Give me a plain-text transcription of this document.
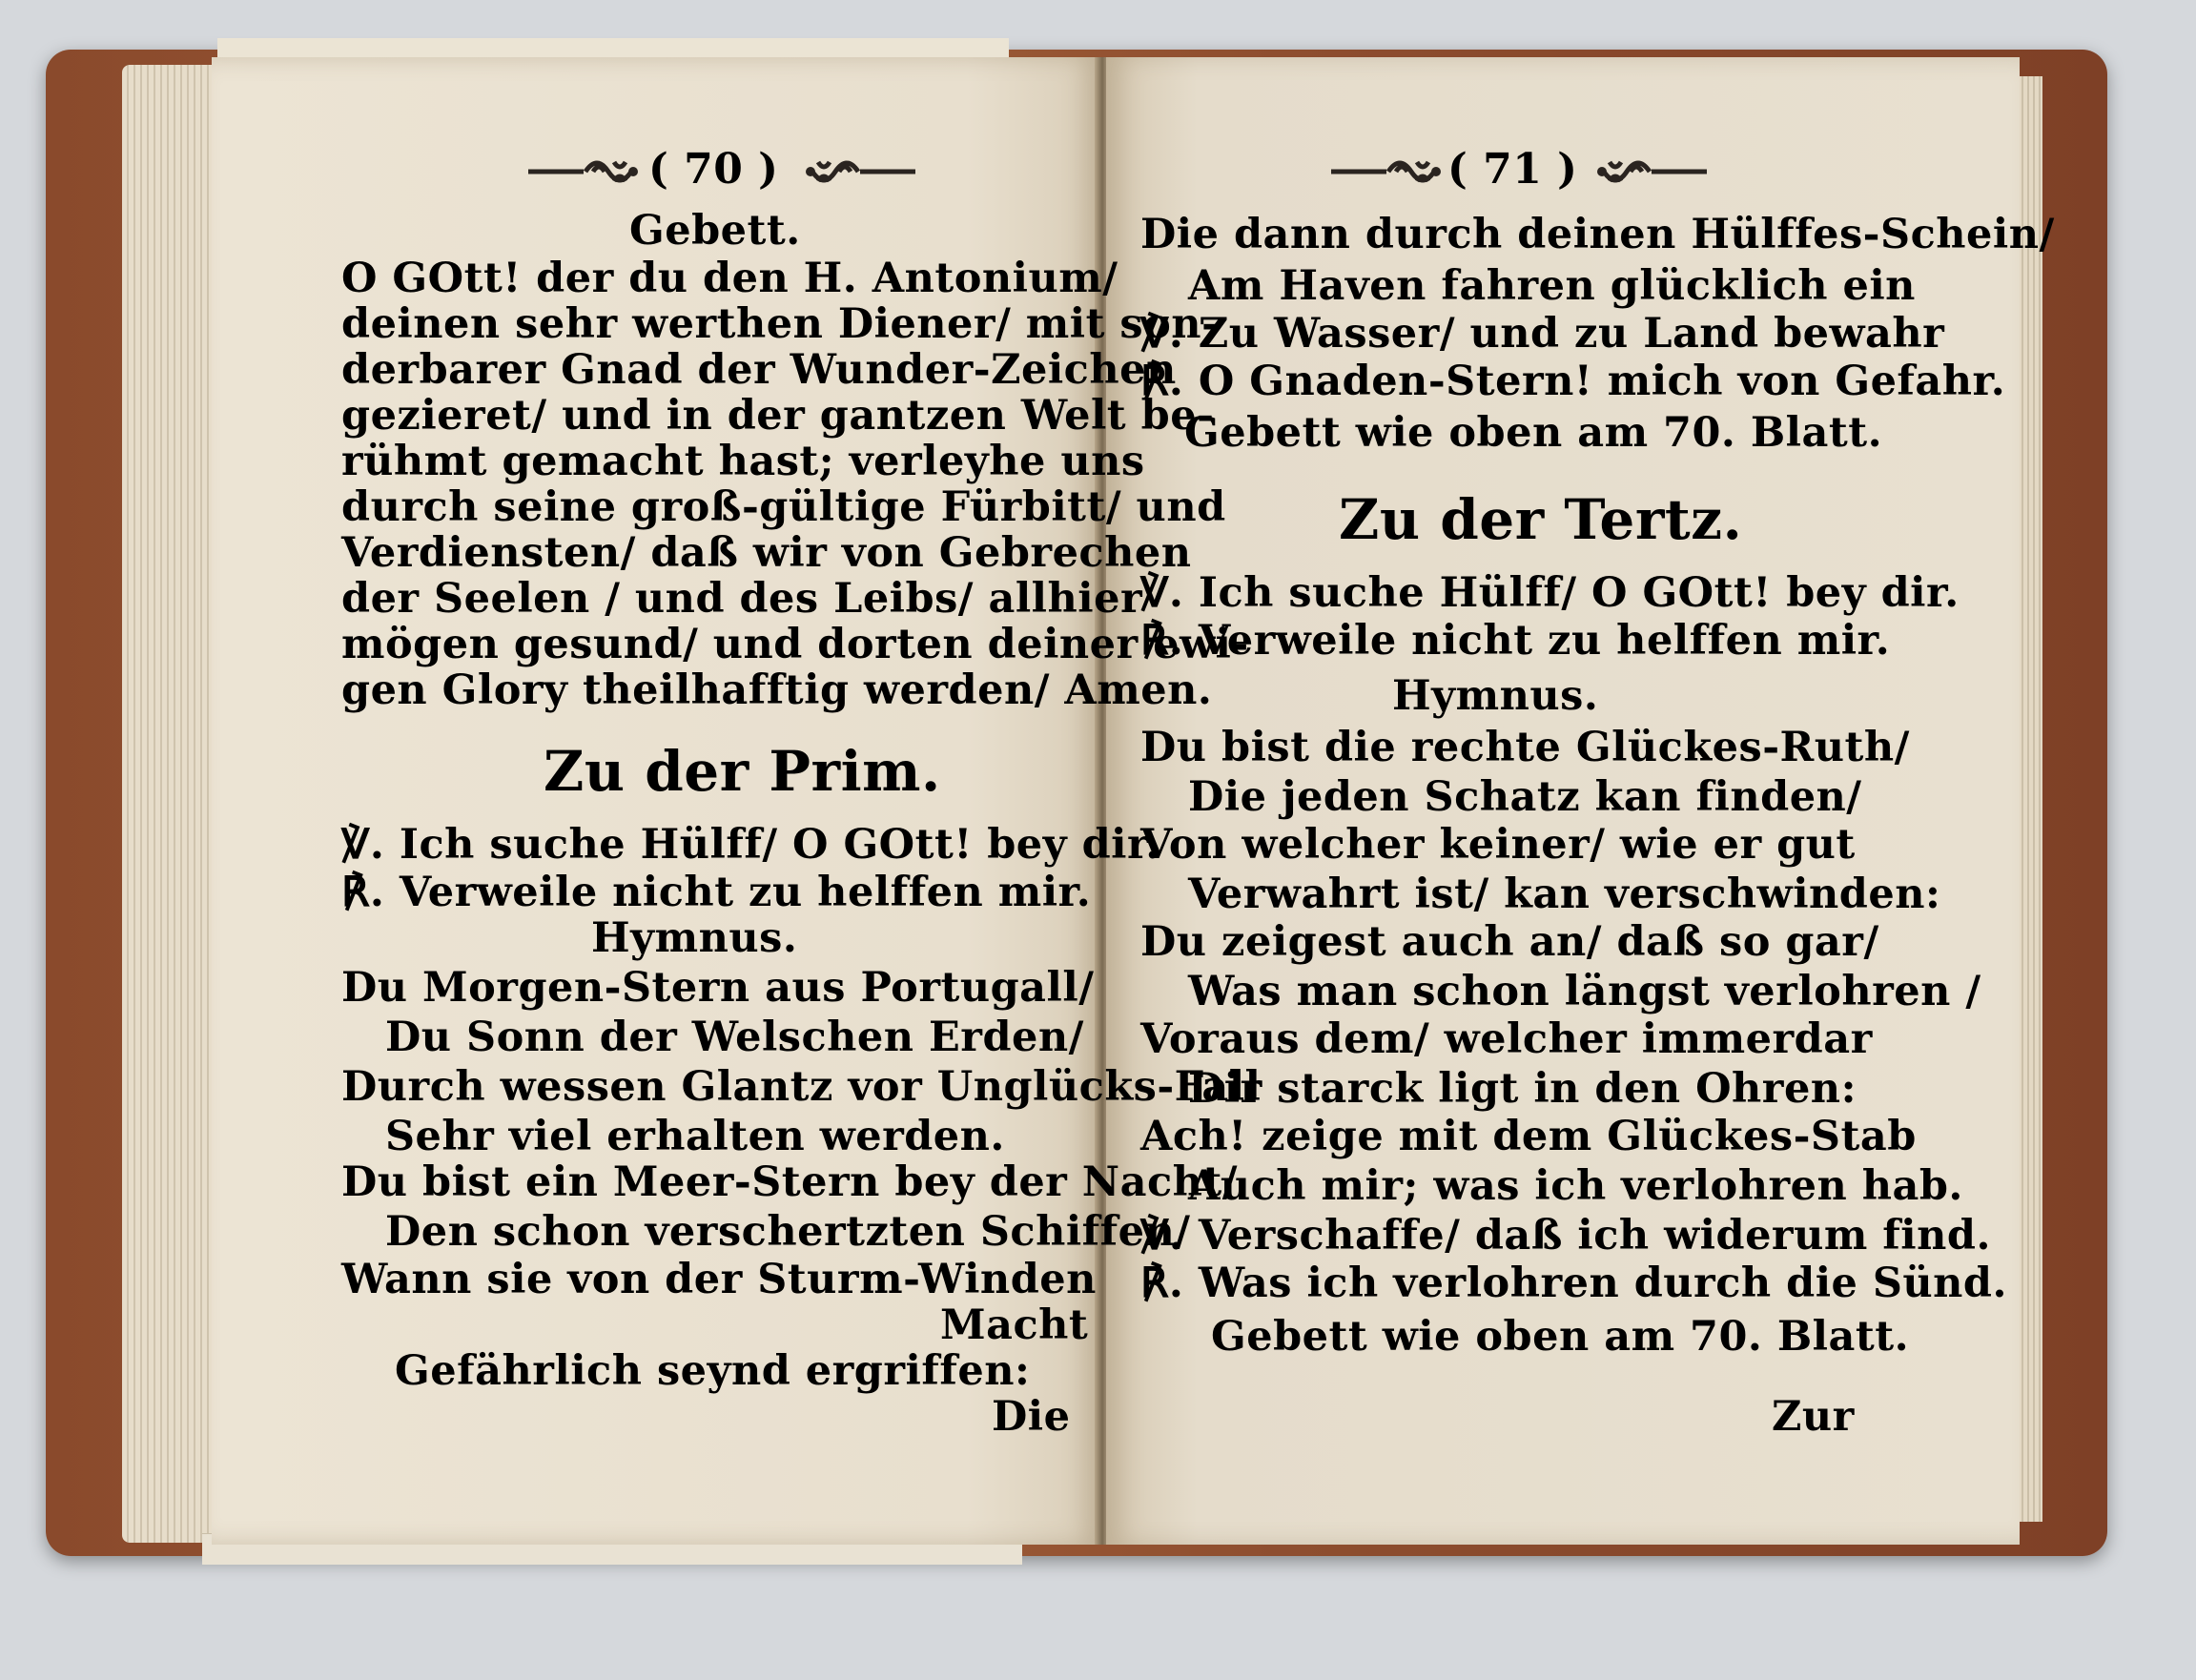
( 70 )
Gebett.
O GOtt! der du den H. Antonium/
deinen sehr werthen Diener/ mit son-
derbarer Gnad der Wunder-Zeichen
gezieret/ und in der gantzen Welt be-
rühmt gemacht hast; verleyhe uns
durch seine groß-gültige Fürbitt/ und
Verdiensten/ daß wir von Gebrechen
der Seelen / und des Leibs/ allhier
mögen gesund/ und dorten deiner ewi-
gen Glory theilhafftig werden/ Amen.
Zu der Prim.
℣. Ich suche Hülff/ O GOtt! bey dir.
℟. Verweile nicht zu helffen mir.
Hymnus.
Du Morgen-Stern aus Portugall/
Du Sonn der Welschen Erden/
Durch wessen Glantz vor Unglücks-Fall
Sehr viel erhalten werden.
Du bist ein Meer-Stern bey der Nacht/
Den schon verschertzten Schiffen/
Wann sie von der Sturm-Winden
Macht
Gefährlich seynd ergriffen:
Die
( 71 )
Die dann durch deinen Hülffes-Schein/
Am Haven fahren glücklich ein
℣. Zu Wasser/ und zu Land bewahr
℟. O Gnaden-Stern! mich von Gefahr.
Gebett wie oben am 70. Blatt.
Zu der Tertz.
℣. Ich suche Hülff/ O GOtt! bey dir.
℟. Verweile nicht zu helffen mir.
Hymnus.
Du bist die rechte Glückes-Ruth/
Die jeden Schatz kan finden/
Von welcher keiner/ wie er gut
Verwahrt ist/ kan verschwinden:
Du zeigest auch an/ daß so gar/
Was man schon längst verlohren /
Voraus dem/ welcher immerdar
Dir starck ligt in den Ohren:
Ach! zeige mit dem Glückes-Stab
Auch mir; was ich verlohren hab.
℣. Verschaffe/ daß ich widerum find.
℟. Was ich verlohren durch die Sünd.
Gebett wie oben am 70. Blatt.
Zur
